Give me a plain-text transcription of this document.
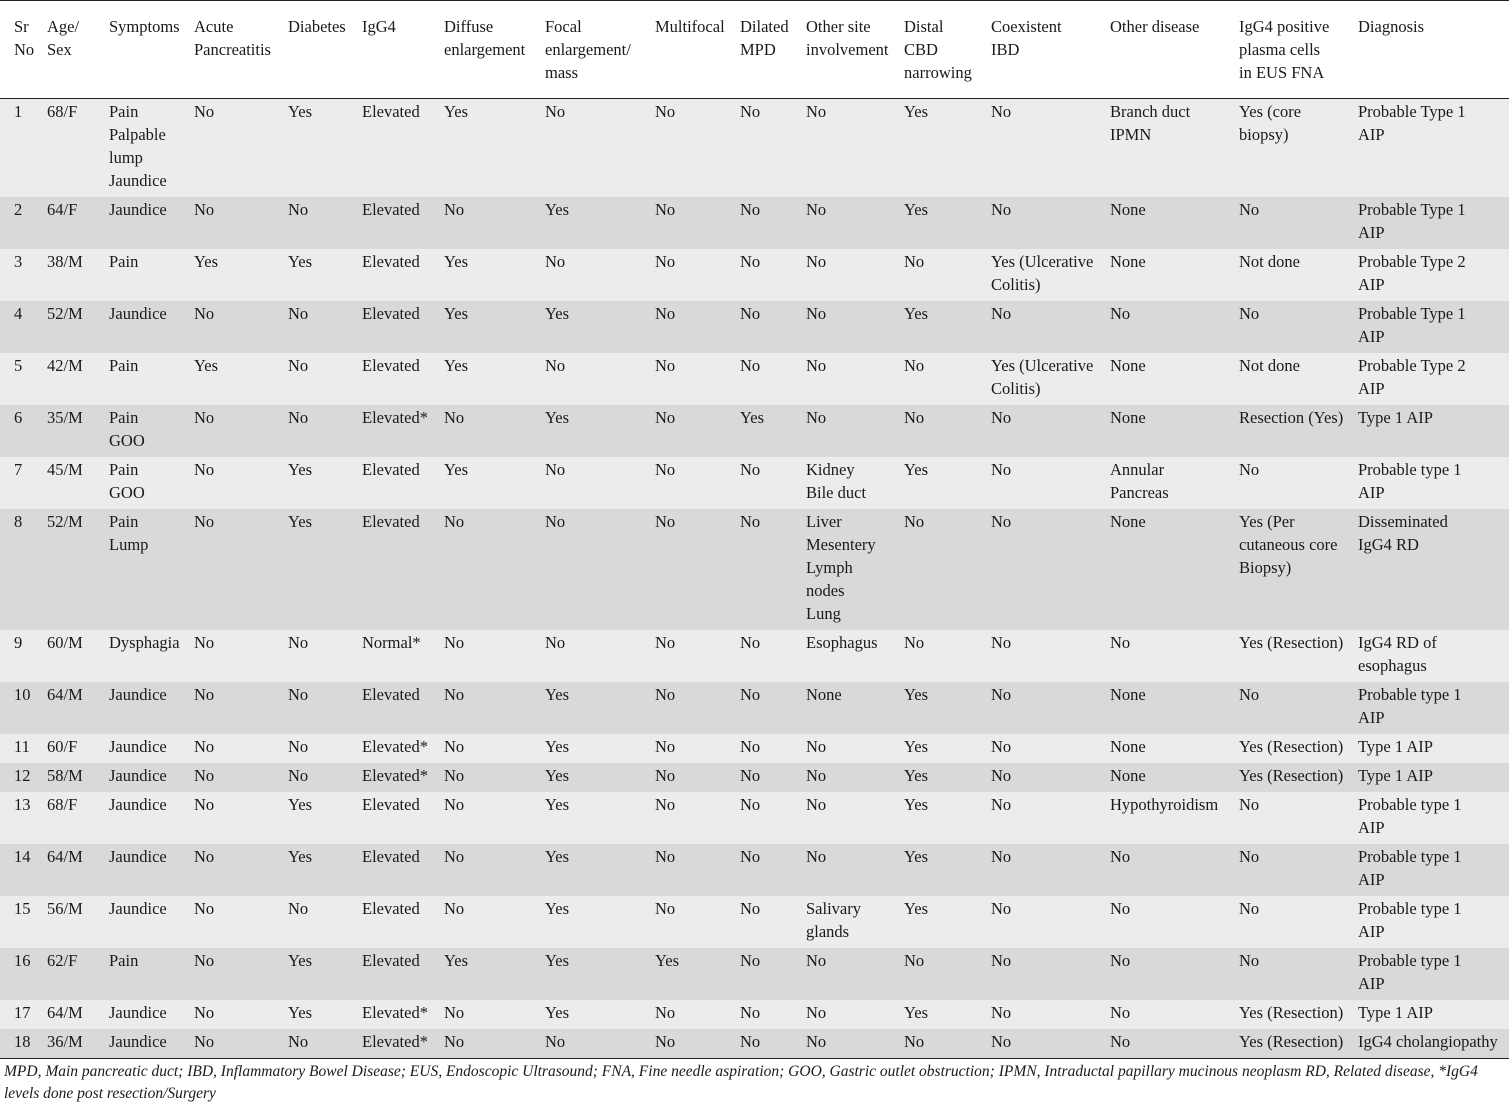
Sr
No	Age/
Sex	Symptoms	Acute
Pancreatitis	Diabetes	IgG4	Diffuse
enlargement	Focal
enlargement/
mass	Multifocal	Dilated
MPD	Other site
involvement	Distal
CBD
narrowing	Coexistent
IBD	Other disease	IgG4 positive
plasma cells
in EUS FNA	Diagnosis

1	68/F	Pain
Palpable
lump
Jaundice	No	Yes	Elevated	Yes	No	No	No	No	Yes	No	Branch duct
IPMN	Yes (core
biopsy)	Probable Type 1
AIP

2	64/F	Jaundice	No	No	Elevated	No	Yes	No	No	No	Yes	No	None	No	Probable Type 1
AIP

3	38/M	Pain	Yes	Yes	Elevated	Yes	No	No	No	No	No	Yes (Ulcerative
Colitis)	None	Not done	Probable Type 2
AIP

4	52/M	Jaundice	No	No	Elevated	Yes	Yes	No	No	No	Yes	No	No	No	Probable Type 1
AIP

5	42/M	Pain	Yes	No	Elevated	Yes	No	No	No	No	No	Yes (Ulcerative
Colitis)	None	Not done	Probable Type 2
AIP

6	35/M	Pain
GOO	No	No	Elevated*	No	Yes	No	Yes	No	No	No	None	Resection (Yes)	Type 1 AIP

7	45/M	Pain
GOO	No	Yes	Elevated	Yes	No	No	No	Kidney
Bile duct	Yes	No	Annular
Pancreas	No	Probable type 1
AIP

8	52/M	Pain
Lump	No	Yes	Elevated	No	No	No	No	Liver
Mesentery
Lymph
nodes
Lung	No	No	None	Yes (Per
cutaneous core
Biopsy)	Disseminated
IgG4 RD

9	60/M	Dysphagia	No	No	Normal*	No	No	No	No	Esophagus	No	No	No	Yes (Resection)	IgG4 RD of
esophagus

10	64/M	Jaundice	No	No	Elevated	No	Yes	No	No	None	Yes	No	None	No	Probable type 1
AIP

11	60/F	Jaundice	No	No	Elevated*	No	Yes	No	No	No	Yes	No	None	Yes (Resection)	Type 1 AIP

12	58/M	Jaundice	No	No	Elevated*	No	Yes	No	No	No	Yes	No	None	Yes (Resection)	Type 1 AIP

13	68/F	Jaundice	No	Yes	Elevated	No	Yes	No	No	No	Yes	No	Hypothyroidism	No	Probable type 1
AIP

14	64/M	Jaundice	No	Yes	Elevated	No	Yes	No	No	No	Yes	No	No	No	Probable type 1
AIP

15	56/M	Jaundice	No	No	Elevated	No	Yes	No	No	Salivary
glands	Yes	No	No	No	Probable type 1
AIP

16	62/F	Pain	No	Yes	Elevated	Yes	Yes	Yes	No	No	No	No	No	No	Probable type 1
AIP

17	64/M	Jaundice	No	Yes	Elevated*	No	Yes	No	No	No	Yes	No	No	Yes (Resection)	Type 1 AIP

18	36/M	Jaundice	No	No	Elevated*	No	No	No	No	No	No	No	No	Yes (Resection)	IgG4 cholangiopathy
MPD, Main pancreatic duct; IBD, Inflammatory Bowel Disease; EUS, Endoscopic Ultrasound; FNA, Fine needle aspiration; GOO, Gastric outlet obstruction; IPMN, Intraductal papillary mucinous neoplasm RD, Related disease, *IgG4 levels done post resection/Surgery
